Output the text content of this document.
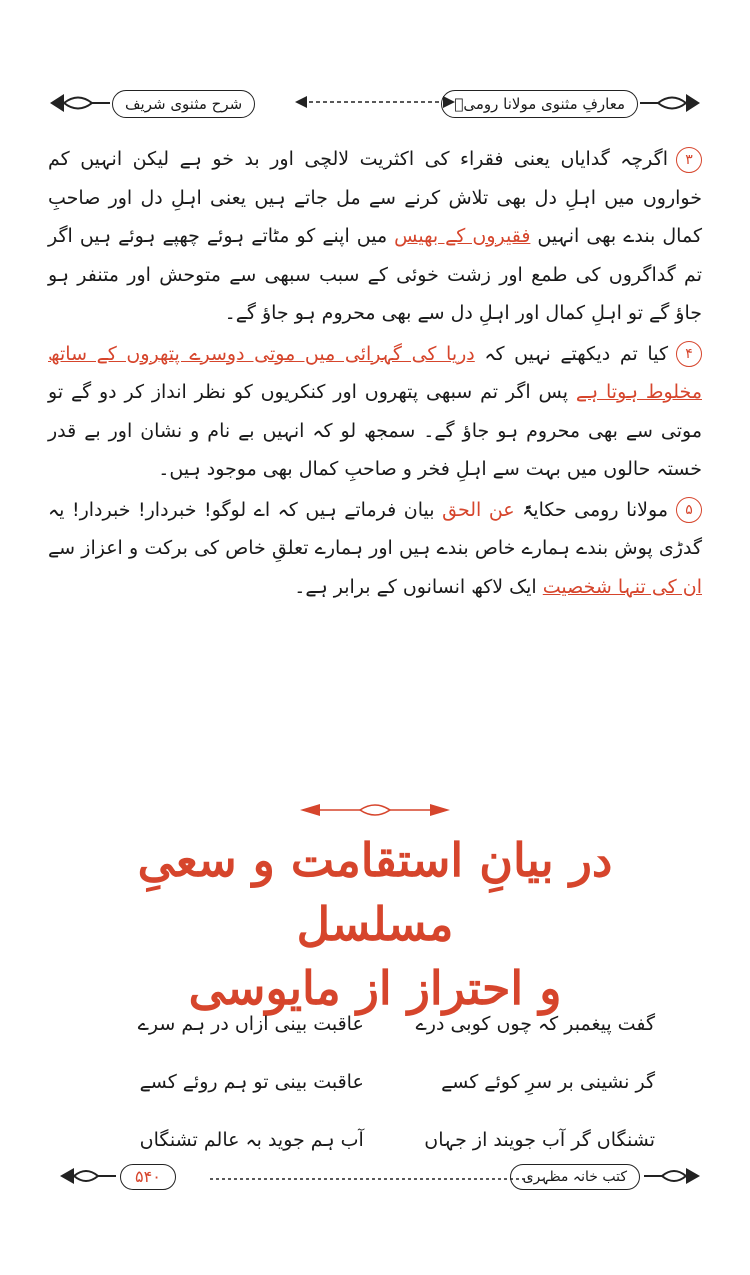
شرح مثنوی شریف	معارفِ مثنوی مولانا رومیؒ

۳اگرچہ گدایاں یعنی فقراء کی اکثریت لالچی اور بد خو ہے لیکن انہیں کم خواروں میں اہلِ دل بھی تلاش کرنے سے مل جاتے ہیں یعنی اہلِ دل اور صاحبِ کمال بندے بھی انہیں فقیروں کے بھیس میں اپنے کو مٹاتے ہوئے چھپے ہوئے ہیں اگر تم گداگروں کی طمع اور زشت خوئی کے سبب سبھی سے متوحش اور متنفر ہو جاؤ گے تو اہلِ کمال اور اہلِ دل سے بھی محروم ہو جاؤ گے۔

۴کیا تم دیکھتے نہیں کہ دریا کی گہرائی میں موتی دوسرے پتھروں کے ساتھ مخلوط ہوتا ہے پس اگر تم سبھی پتھروں اور کنکریوں کو نظر انداز کر دو گے تو موتی سے بھی محروم ہو جاؤ گے۔ سمجھ لو کہ انہیں بے نام و نشان اور بے قدر خستہ حالوں میں بہت سے اہلِ فخر و صاحبِ کمال بھی موجود ہیں۔

۵مولانا رومی حکایۃً عن الحق بیان فرماتے ہیں کہ اے لوگو! خبردار! خبردار! یہ گدڑی پوش بندے ہمارے خاص بندے ہیں اور ہمارے تعلقِ خاص کی برکت و اعزاز سے ان کی تنہا شخصیت ایک لاکھ انسانوں کے برابر ہے۔

در بیانِ استقامت و سعیِ مسلسل
و احتراز از مایوسی
گفت پیغمبر کہ چوں کوبی درے
عاقبت بینی ازاں در ہم سرے
گر نشینی بر سرِ کوئے کسے
عاقبت بینی تو ہم روئے کسے
تشنگاں گر آب جویند از جہاں
آب ہم جوید بہ عالم تشنگاں
۵۴۰	کتب خانہ مظہری
